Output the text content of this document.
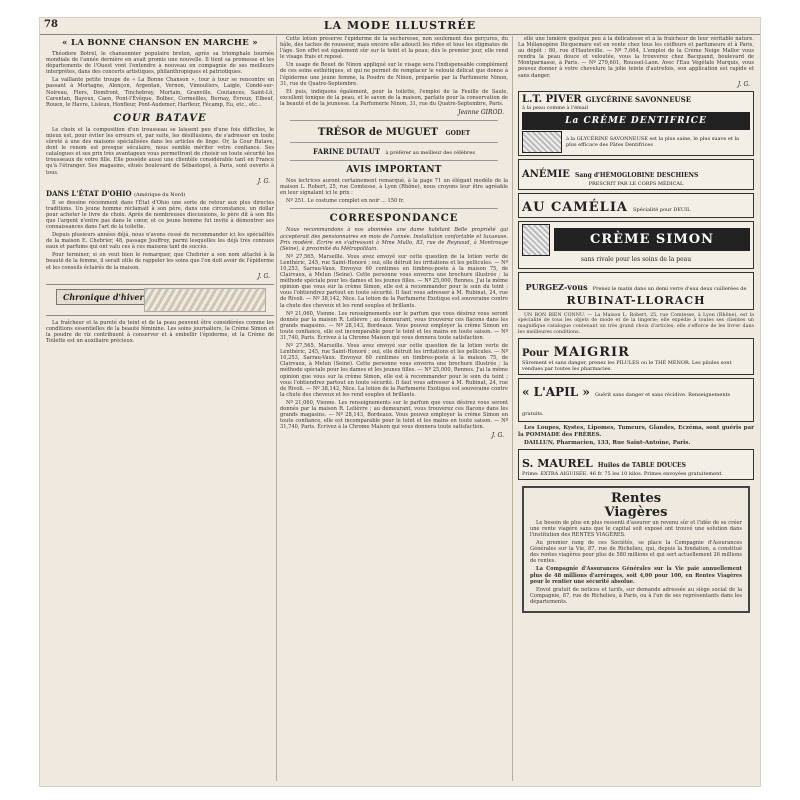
78	LA MODE ILLUSTRÉE
« LA BONNE CHANSON EN MARCHE »

Théodore Botrel, le chansonnier populaire breton, après sa triomphale tournée mondiale de l'année dernière en avait promis une nouvelle. Il tient sa promesse et les départements de l'Ouest vont l'entendre à nouveau en compagnie de ses meilleurs interprètes, dans des concerts artistiques, philanthropiques et patriotiques.

La vaillante petite troupe de « La Bonne Chanson », tour à tour se rencontre en passant à Mortagne, Alençon, Argentan, Vernon, Vimoutiers, Laigle, Condé-sur-Noireau, Flers, Domfront, Tinchebray, Mortain, Granville, Coutances, Saint-Lô, Carentan, Bayeux, Caen, Pont-l'Évêque, Bolbec, Cormeilles, Bernay, Évreux, Elbeuf, Rouen, le Havre, Lisieux, Honfleur, Pont-Audemer, Harfleur, Fécamp, Eu, etc., etc...

COUR BATAVE

Le choix et la composition d'un trousseau se laissent peu d'une fois difficiles, le mieux est, pour éviter les erreurs et, par suite, les désillusions, de s'adresser en toute sûreté à une des maisons spécialisées dans les articles de linge. Or, la Cour Batave, dont le renom est presque séculaire, nous semble mériter votre confiance. Ses catalogues et ses prix très avantageux vous permettront de choisir en toute sécurité les trousseaux de votre fille. Elle possède aussi une clientèle considérable tant en France qu'à l'étranger. Ses magasins, situés boulevard de Sébastopol, à Paris, sont ouverts à tous.

J. G.
DANS L'ÉTAT D'OHIO (Amérique du Nord)

Il se dessine récemment dans l'État d'Ohio une sorte de retour aux plus directes traditions. Un jeune homme réclamait à son père, dans une circonstance, un dollar pour acheter le livre de choix. Après de nombreuses discussions, le père dit à son fils que l'argent n'entre pas dans le cœur, et ce jeune homme fut invité à démontrer ses connaissances dans l'art de la toilette.

Depuis plusieurs années déjà, nous n'avons cessé de recommander ici les spécialités de la maison E. Chebrier, 48, passage Jouffroy, parmi lesquelles les déjà très connues eaux et parfums qui ont valu ces à ces maisons tant de succès.

Pour terminer, si on veut bien le remarquer, que Chebrier a son nom attaché à la beauté de la femme, il serait utile de rappeler les soins que l'on doit avoir de l'épiderme et les conseils éclairés de la maison.

J. G.
Chronique d'hiver

La fraîcheur et la pureté du teint et de la peau peuvent être considérées comme les conditions essentielles de la beauté féminine. Les soins journaliers, la Crème Simon et la poudre de riz contribuent à conserver et à embellir l'épiderme, et la Crème de Toilette est un auxiliaire précieux.

Cette lotion préserve l'épiderme de la sécheresse, non seulement des gerçures, du hâle, des taches de rousseur, mais encore elle adoucit les rides et tous les stigmates de l'âge. Son effet est également sûr sur le teint et la peau; dès le premier jour, elle rend le visage frais et reposé.

Un usage de Bouet de Ninon appliqué sur le visage sera l'indispensable complément de ces soins esthétiques, et qui ne permet de remplacer le velouté délicat que donne à l'épiderme une jeune femme, la Poudre de Ninon, préparée par la Parfumerie Ninon, 31, rue du Quatre-Septembre.

Et puis, indiquons également, pour la toilette, l'emploi de la Feuille de Saule, excellent tonique de la peau, et le savon de la maison, parfaits pour la conservation de la beauté et de la jeunesse. La Parfumerie Ninon, 31, rue du Quatre-Septembre, Paris.

Jeanne GIROD.
TRÉSOR de MUGUET GODET
FARINE DUTAUT à préférer au meilleur des célèbres
AVIS IMPORTANT

Nos lectrices auront certainement remarqué, à la page 71 un élégant modèle de la maison L. Robert, 25, rue Comtesse, à Lyon (Rhône), nous croyons leur être agréable en leur signalant ici le prix :

Nº 251. Le costume complet en noir ... 150 fr.

CORRESPONDANCE

Nous recommandons à nos abonnées une dame habitant Belle propriété qui accepterait des pensionnaires en mois de l'année. Installation confortable et luxueuse. Prix modéré. Écrire en s'adressant à Mme Mullo, 83, rue de Reynaud, à Montrouge (Seine), à proximité du Métropolitain.

Nº 27,565, Marseille. Vous avez envoyé sur cette question de la lotion verte de Lenthéric, 245, rue Saint-Honoré ; oui, elle détruit les irritations et les pellicules. — Nº 10,253, Sarrau-Vaux. Envoyez 60 centimes en timbres-poste à la maison 75, de Clairvaux, à Melun (Seine). Cette personne vous enverra une brochure illustrée : la méthode spéciale pour les dames et les jeunes filles. — Nº 25,000, Rennes. J'ai la même opinion que vous sur la crème Simon, elle est à recommander pour le soin du teint ; vous l'obtiendrez partout en toute sécurité. Il faut vous adresser à M. Rubinat, 24, rue de Rivoli. — Nº 38,142, Nice. La lotion de la Parfumerie Exotique est souveraine contre la chute des cheveux et les rend souples et brillants.

Nº 21,060, Vienne. Les renseignements sur le parfum que vous désirez vous seront donnés par la maison R. Lelièvre ; au demeurant, vous trouverez ces flacons dans les grands magasins. — Nº 28,143, Bordeaux. Vous pouvez employer la crème Simon en toute confiance, elle est incomparable pour le teint et les mains en toute saison. — Nº 31,740, Paris. Écrivez à la Chrome Maison qui vous donnera toute satisfaction.

Nº 27,565, Marseille. Vous avez envoyé sur cette question de la lotion verte de Lenthéric, 245, rue Saint-Honoré ; oui, elle détruit les irritations et les pellicules. — Nº 10,253, Sarrau-Vaux. Envoyez 60 centimes en timbres-poste à la maison 75, de Clairvaux, à Melun (Seine). Cette personne vous enverra une brochure illustrée : la méthode spéciale pour les dames et les jeunes filles. — Nº 25,000, Rennes. J'ai la même opinion que vous sur la crème Simon, elle est à recommander pour le soin du teint ; vous l'obtiendrez partout en toute sécurité. Il faut vous adresser à M. Rubinat, 24, rue de Rivoli. — Nº 38,142, Nice. La lotion de la Parfumerie Exotique est souveraine contre la chute des cheveux et les rend souples et brillants.

Nº 21,060, Vienne. Les renseignements sur le parfum que vous désirez vous seront donnés par la maison R. Lelièvre ; au demeurant, vous trouverez ces flacons dans les grands magasins. — Nº 28,143, Bordeaux. Vous pouvez employer la crème Simon en toute confiance, elle est incomparable pour le teint et les mains en toute saison. — Nº 31,740, Paris. Écrivez à la Chrome Maison qui vous donnera toute satisfaction.

J. G.

elle une lumière quelque peu à la délicatesse et à la fraîcheur de leur véritable nature. La Mélanogène Dicquemare est en vente chez tous les coiffeurs et parfumeurs et à Paris, au dépôt : 80, rue d'Hauteville. — Nº 7,664, L'emploi de la Crème Neige Mallor vous rendra la peau douce et veloutée, vous la trouverez chez Bacquand, boulevard de Montparnasse, à Paris. — Nº 279,601, Roussel-Laon. Avec l'Eau Végétale Marquis, vous pouvez donner à votre chevelure la jolie teinte d'autrefois, son application est rapide et sans danger.

J. G.
L.T. PIVER GLYCÉRINE SAVONNEUSE
à la peau comme à l'émail
La CRÈME DENTIFRICE
à la GLYCÉRINE SAVONNEUSE est la plus saine, le plus suave et la plus efficace des Pâtes Dentifrices
ANÉMIE Sang d'HÉMOGLOBINE DESCHIENS
PRESCRIT PAR LE CORPS MÉDICAL
AU CAMÉLIA Spécialité pour DEUIL
CRÈME SIMON
sans rivale pour les soins de la peau
PURGEZ-vous Prenez le matin dans un demi verre d'eau deux cuillerées de
RUBINAT-LLORACH

UN BON BIEN CONNU. — La Maison L. Robert, 25, rue Comtesse, à Lyon (Rhône), est la spécialité de tous les objets de mode et de la lingerie; elle expédie à toutes ses clientes un magnifique catalogue contenant un très grand choix d'articles; elle s'efforce de les livrer dans les meilleures conditions.

Pour MAIGRIR
Sûrement et sans danger, prenez les PILULES ou le THÉ MÉNOR. Les pilules sont vendues par toutes les pharmacies.
« L'APIL » Guérit sans danger et sans récidive. Renseignements gratuits.

Les Loupes, Kystes, Lipomes, Tumeurs, Glandes, Eczéma, sont guéris par la POMMADE des FRÈRES.

DAILLUN, Pharmacien, 133, Rue Saint-Antoine, Paris.

S. MAUREL Huiles de TABLE DOUCES
Prime: EXTRA AIGUISÉE. 46 fr. 75 les 10 kilos. Primes envoyées gratuitement.
Rentes
Viagères

Le besoin de plus en plus ressenti d'assurer un revenu sûr et l'idée de se créer une rente viagère sans que le capital soit exposé ont trouvé une solution dans l'institution des RENTES VIAGÈRES.

Au premier rang de ces Sociétés, se place la Compagnie d'Assurances Générales sur la Vie, 87, rue de Richelieu, qui, depuis la fondation, a constitué des rentes viagères pour plus de 580 millions et qui sert actuellement 26 millions de rentes.

La Compagnie d'Assurances Générales sur la Vie paie annuellement plus de 48 millions d'arrérages, soit 4,00 pour 100, en Rentes Viagères pour le rentier une sécurité absolue.

Envoi gratuit de notices et tarifs, sur demande adressée au siège social de la Compagnie, 87, rue de Richelieu, à Paris, ou à l'un de ses représentants dans les départements.
